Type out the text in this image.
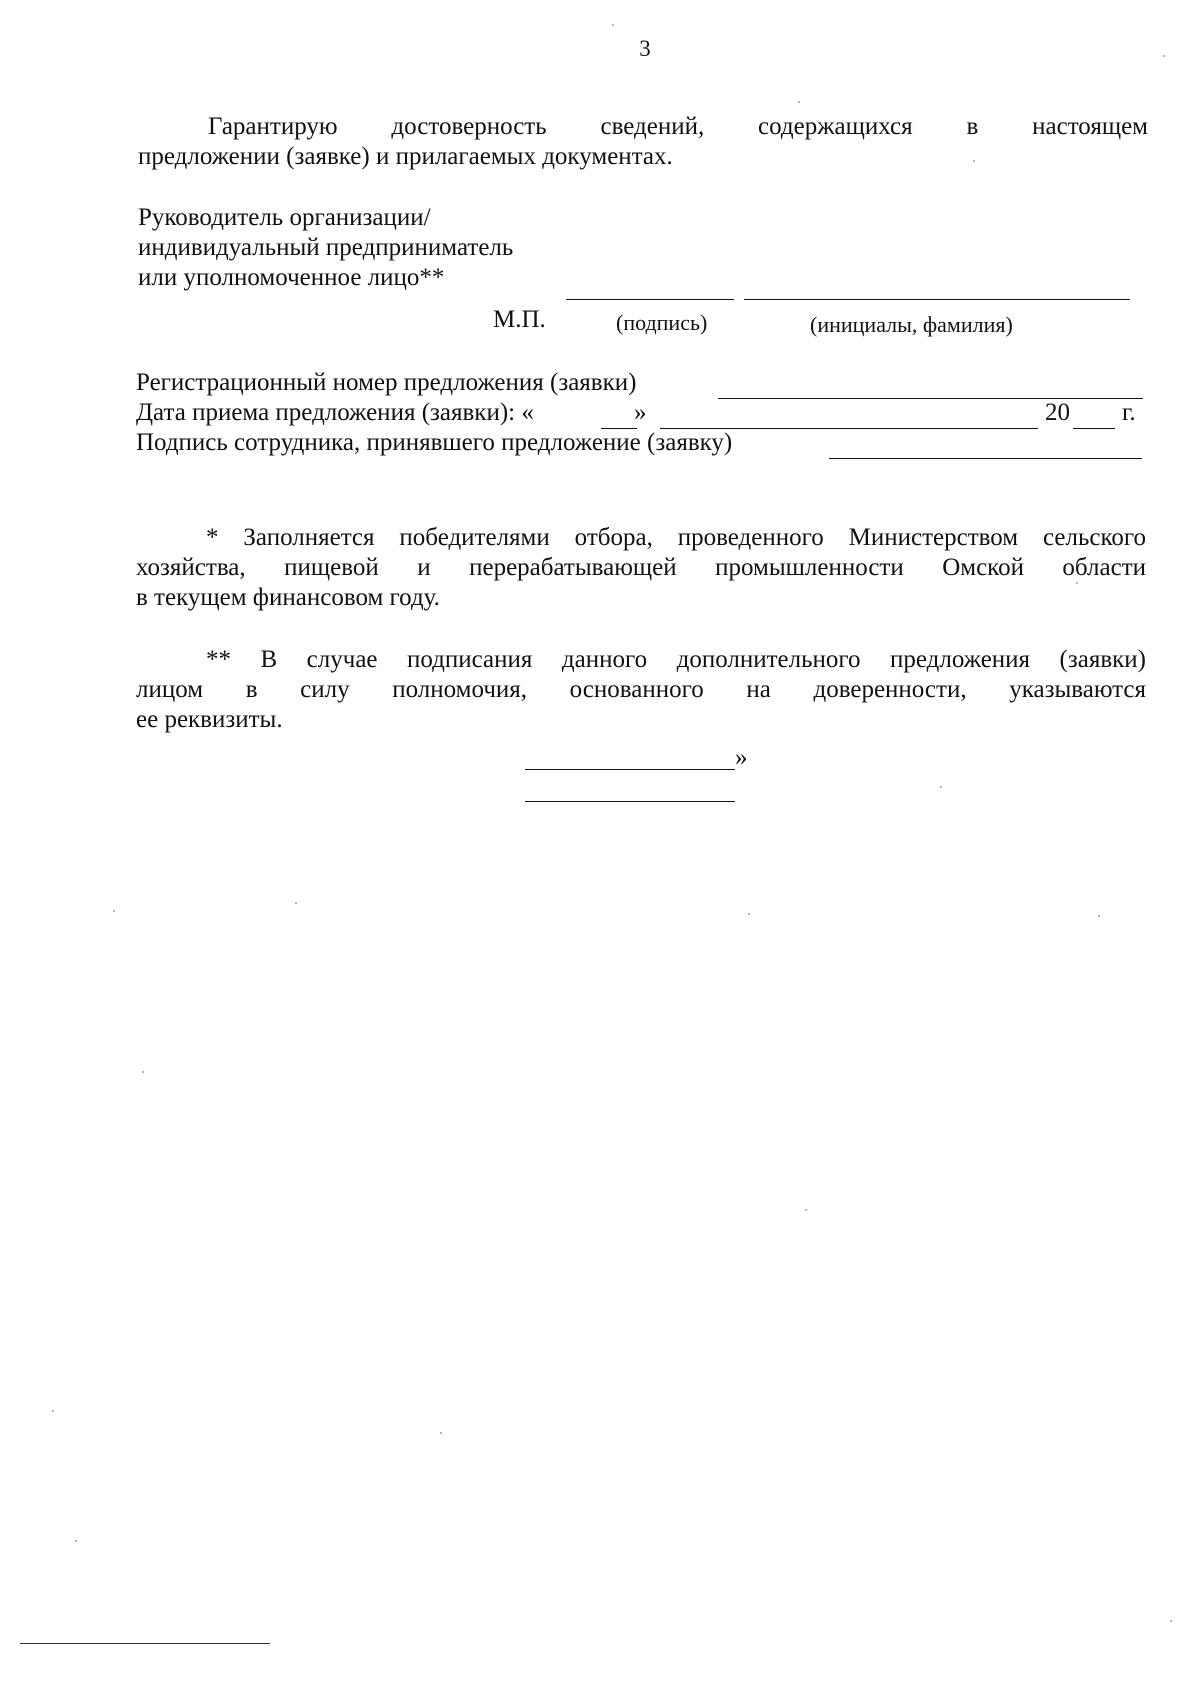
3
Гарантирую достоверность сведений, содержащихся в настоящем
предложении (заявке) и прилагаемых документах.
Руководитель организации/
индивидуальный предприниматель
или уполномоченное лицо**
М.П.	(подпись)	(инициалы, фамилия)
Регистрационный номер предложения (заявки)
Дата приема предложения (заявки): «	»	20 г.
Подпись сотрудника, принявшего предложение (заявку)
* Заполняется победителями отбора, проведенного Министерством сельского
хозяйства, пищевой и перерабатывающей промышленности Омской области
в текущем финансовом году.
** В случае подписания данного дополнительного предложения (заявки)
лицом в силу полномочия, основанного на доверенности, указываются
ее реквизиты.
»
